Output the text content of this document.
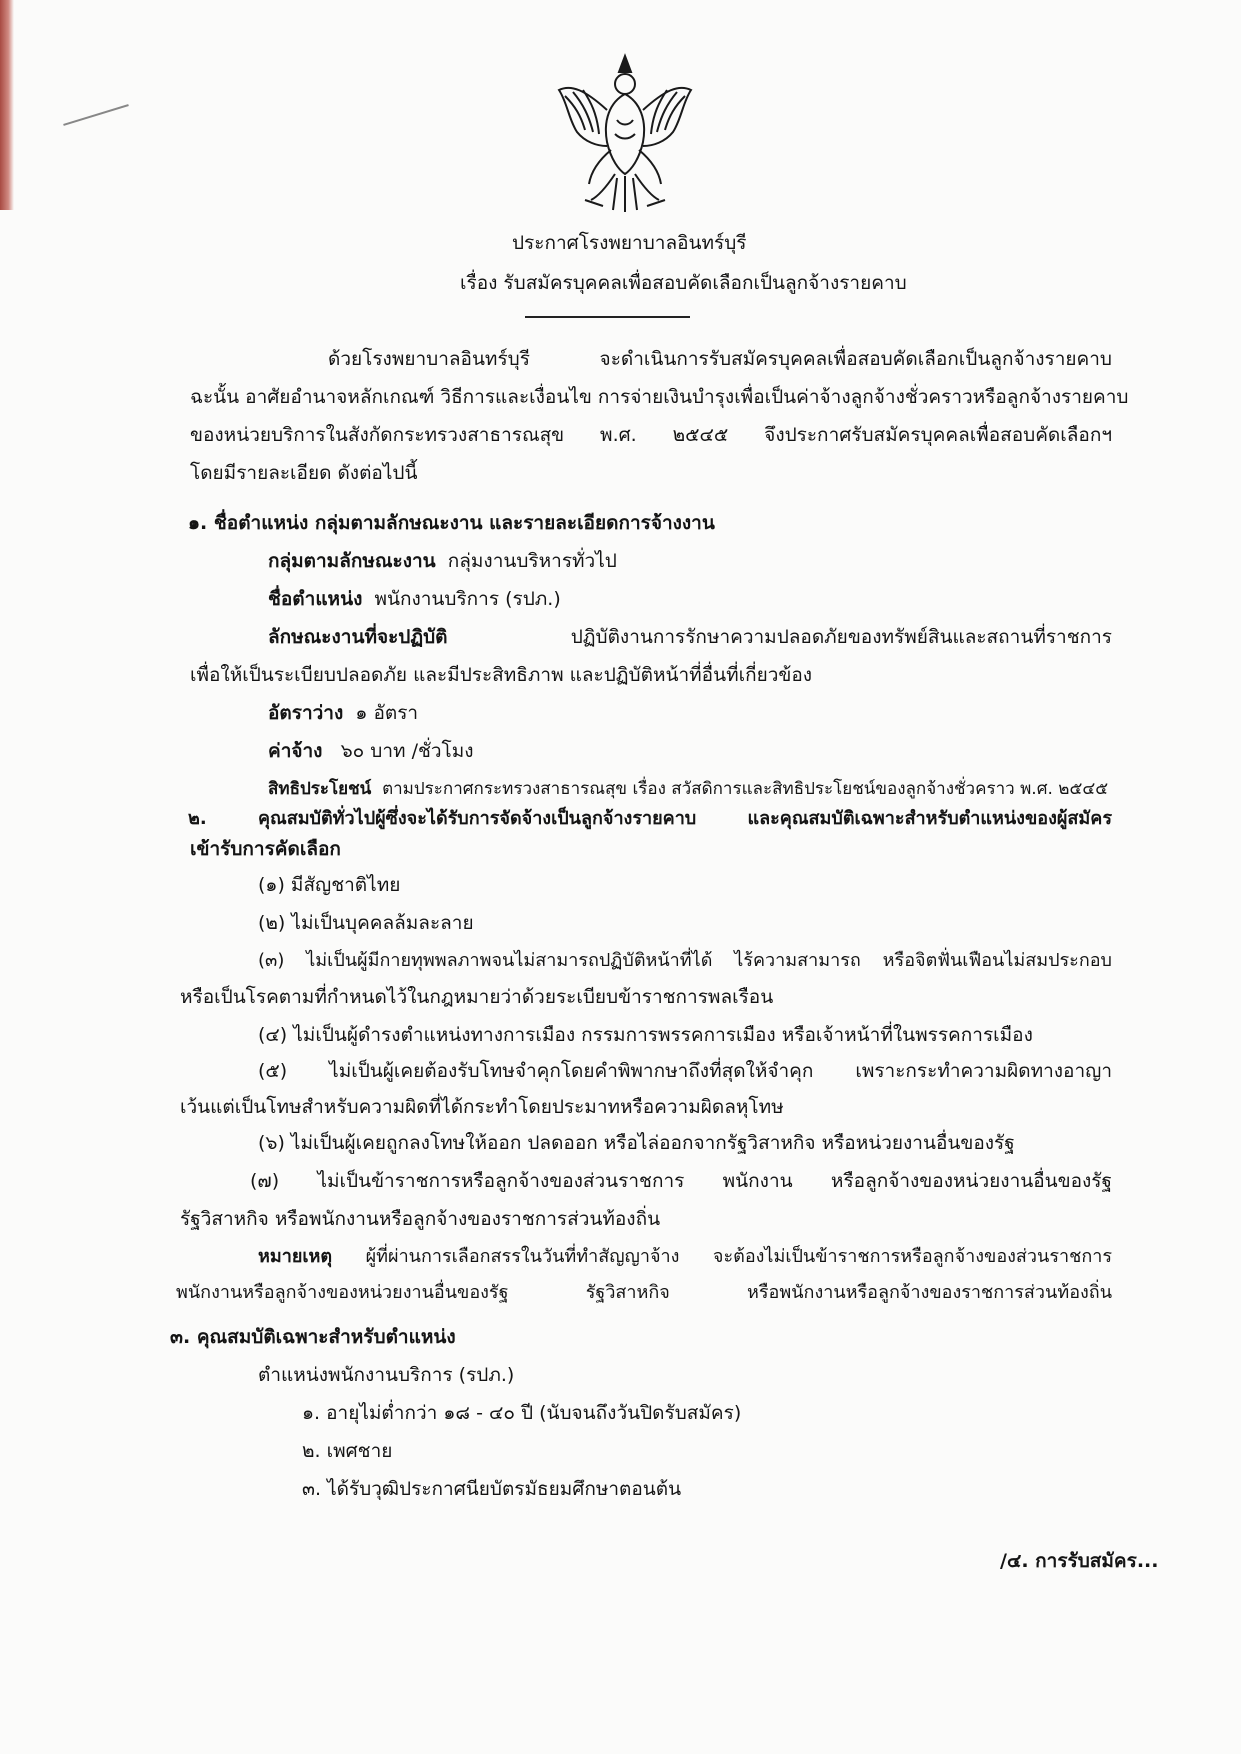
ประกาศโรงพยาบาลอินทร์บุรี
เรื่อง รับสมัครบุคคลเพื่อสอบคัดเลือกเป็นลูกจ้างรายคาบ
ด้วยโรงพยาบาลอินทร์บุรี จะดำเนินการรับสมัครบุคคลเพื่อสอบคัดเลือกเป็นลูกจ้างรายคาบ
ฉะนั้น อาศัยอำนาจหลักเกณฑ์ วิธีการและเงื่อนไข การจ่ายเงินบำรุงเพื่อเป็นค่าจ้างลูกจ้างชั่วคราวหรือลูกจ้างรายคาบ
ของหน่วยบริการในสังกัดกระทรวงสาธารณสุข พ.ศ. ๒๕๔๕ จึงประกาศรับสมัครบุคคลเพื่อสอบคัดเลือกฯ
โดยมีรายละเอียด ดังต่อไปนี้
๑. ชื่อตำแหน่ง กลุ่มตามลักษณะงาน และรายละเอียดการจ้างงาน
กลุ่มตามลักษณะงาน กลุ่มงานบริหารทั่วไป
ชื่อตำแหน่ง พนักงานบริการ (รปภ.)
ลักษณะงานที่จะปฏิบัติ	ปฏิบัติงานการรักษาความปลอดภัยของทรัพย์สินและสถานที่ราชการ
เพื่อให้เป็นระเบียบปลอดภัย และมีประสิทธิภาพ และปฏิบัติหน้าที่อื่นที่เกี่ยวข้อง
อัตราว่าง ๑ อัตรา
ค่าจ้าง ๖๐ บาท /ชั่วโมง
สิทธิประโยชน์ ตามประกาศกระทรวงสาธารณสุข เรื่อง สวัสดิการและสิทธิประโยชน์ของลูกจ้างชั่วคราว พ.ศ. ๒๕๔๕
๒. คุณสมบัติทั่วไปผู้ซึ่งจะได้รับการจัดจ้างเป็นลูกจ้างรายคาบ และคุณสมบัติเฉพาะสำหรับตำแหน่งของผู้สมัคร
เข้ารับการคัดเลือก
(๑) มีสัญชาติไทย
(๒) ไม่เป็นบุคคลล้มละลาย
(๓) ไม่เป็นผู้มีกายทุพพลภาพจนไม่สามารถปฏิบัติหน้าที่ได้ ไร้ความสามารถ หรือจิตฟั่นเฟือนไม่สมประกอบ
หรือเป็นโรคตามที่กำหนดไว้ในกฎหมายว่าด้วยระเบียบข้าราชการพลเรือน
(๔) ไม่เป็นผู้ดำรงตำแหน่งทางการเมือง กรรมการพรรคการเมือง หรือเจ้าหน้าที่ในพรรคการเมือง
(๕) ไม่เป็นผู้เคยต้องรับโทษจำคุกโดยคำพิพากษาถึงที่สุดให้จำคุก เพราะกระทำความผิดทางอาญา
เว้นแต่เป็นโทษสำหรับความผิดที่ได้กระทำโดยประมาทหรือความผิดลหุโทษ
(๖) ไม่เป็นผู้เคยถูกลงโทษให้ออก ปลดออก หรือไล่ออกจากรัฐวิสาหกิจ หรือหน่วยงานอื่นของรัฐ
(๗) ไม่เป็นข้าราชการหรือลูกจ้างของส่วนราชการ พนักงาน หรือลูกจ้างของหน่วยงานอื่นของรัฐ
รัฐวิสาหกิจ หรือพนักงานหรือลูกจ้างของราชการส่วนท้องถิ่น
หมายเหตุ ผู้ที่ผ่านการเลือกสรรในวันที่ทำสัญญาจ้าง จะต้องไม่เป็นข้าราชการหรือลูกจ้างของส่วนราชการ
พนักงานหรือลูกจ้างของหน่วยงานอื่นของรัฐ รัฐวิสาหกิจ หรือพนักงานหรือลูกจ้างของราชการส่วนท้องถิ่น
๓. คุณสมบัติเฉพาะสำหรับตำแหน่ง
ตำแหน่งพนักงานบริการ (รปภ.)
๑. อายุไม่ต่ำกว่า ๑๘ - ๔๐ ปี (นับจนถึงวันปิดรับสมัคร)
๒. เพศชาย
๓. ได้รับวุฒิประกาศนียบัตรมัธยมศึกษาตอนต้น
/๔. การรับสมัคร...
